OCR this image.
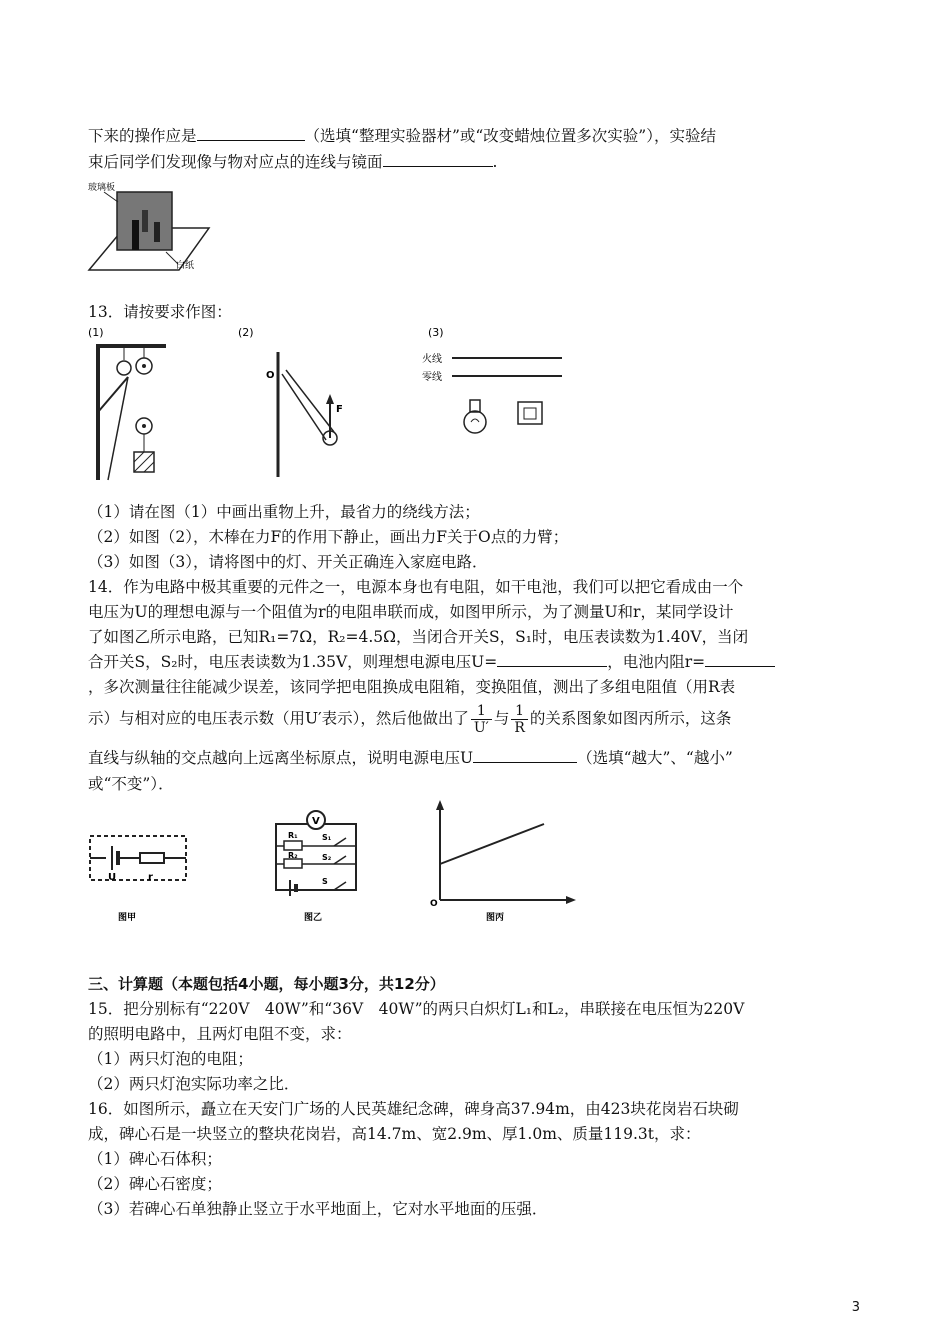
下来的操作应是	（选填“整理实验器材”或“改变蜡烛位置多次实验”），实验结
束后同学们发现像与物对应点的连线与镜面	.
玻璃板
白纸
13．请按要求作图：
(1)	(2)
O
F
(3)
火线
零线
（1）请在图（1）中画出重物上升，最省力的绕线方法；
（2）如图（2），木棒在力F的作用下静止，画出力F关于O点的力臂；
（3）如图（3），请将图中的灯、开关正确连入家庭电路．
14．作为电路中极其重要的元件之一，电源本身也有电阻，如干电池，我们可以把它看成由一个
电压为U的理想电源与一个阻值为r的电阻串联而成，如图甲所示，为了测量U和r，某同学设计
了如图乙所示电路，已知R₁=7Ω，R₂=4.5Ω，当闭合开关S，S₁时，电压表读数为1.40V，当闭
合开关S，S₂时，电压表读数为1.35V，则理想电源电压U=	，电池内阻r=
，多次测量往往能减少误差，该同学把电阻换成电阻箱，变换阻值，测出了多组电阻值（用R表
示）与相对应的电压表示数（用U′表示），然后他做出了 $\frac{1}{U'}$ 与 $\frac{1}{R}$ 的关系图象如图丙所示，这条
直线与纵轴的交点越向上远离坐标原点，说明电源电压U	（选填“越大”、“越小”
或“不变”）．
U	r
图甲
V
R₁
R₂
S₁
S₂
S
图乙
O
图丙
三、计算题（本题包括4小题，每小题3分，共12分）
15．把分别标有“220V　40W”和“36V　40W”的两只白炽灯L₁和L₂，串联接在电压恒为220V
的照明电路中，且两灯电阻不变，求：
（1）两只灯泡的电阻；
（2）两只灯泡实际功率之比．
16．如图所示，矗立在天安门广场的人民英雄纪念碑，碑身高37.94m，由423块花岗岩石块砌
成，碑心石是一块竖立的整块花岗岩，高14.7m、宽2.9m、厚1.0m、质量119.3t，求：
（1）碑心石体积；
（2）碑心石密度；
（3）若碑心石单独静止竖立于水平地面上，它对水平地面的压强．
3
